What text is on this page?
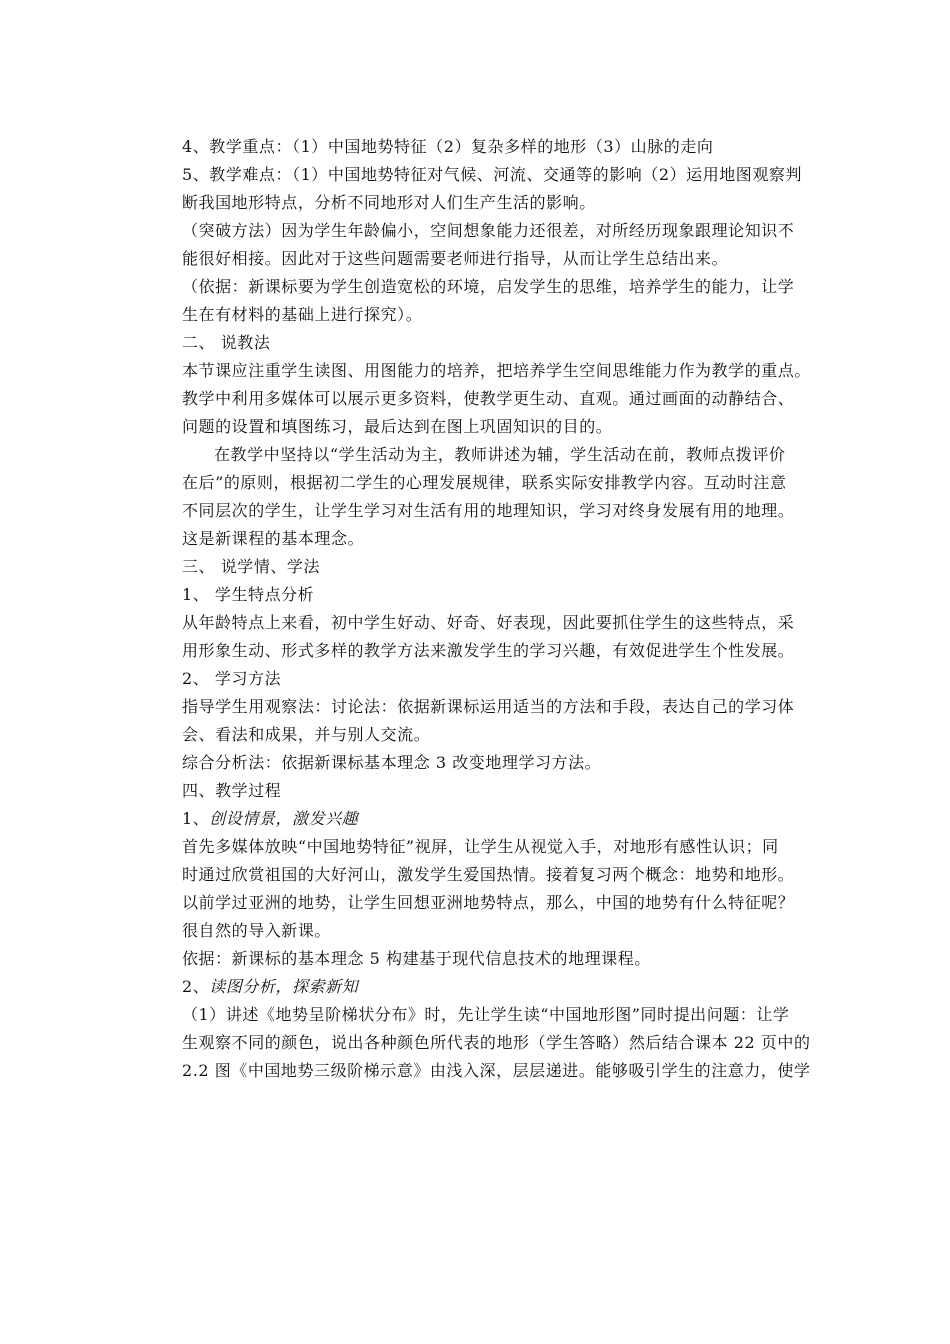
4、教学重点：（1）中国地势特征（2）复杂多样的地形（3）山脉的走向
5、教学难点：（1）中国地势特征对气候、河流、交通等的影响（2）运用地图观察判
断我国地形特点，分析不同地形对人们生产生活的影响。
（突破方法）因为学生年龄偏小，空间想象能力还很差，对所经历现象跟理论知识不
能很好相接。因此对于这些问题需要老师进行指导，从而让学生总结出来。
（依据：新课标要为学生创造宽松的环境，启发学生的思维，培养学生的能力，让学
生在有材料的基础上进行探究）。
二、 说教法
本节课应注重学生读图、用图能力的培养，把培养学生空间思维能力作为教学的重点。
教学中利用多媒体可以展示更多资料，使教学更生动、直观。通过画面的动静结合、
问题的设置和填图练习，最后达到在图上巩固知识的目的。
在教学中坚持以“学生活动为主，教师讲述为辅，学生活动在前，教师点拨评价
在后”的原则，根据初二学生的心理发展规律，联系实际安排教学内容。互动时注意
不同层次的学生，让学生学习对生活有用的地理知识，学习对终身发展有用的地理。
这是新课程的基本理念。
三、 说学情、学法
1、 学生特点分析
从年龄特点上来看，初中学生好动、好奇、好表现，因此要抓住学生的这些特点，采
用形象生动、形式多样的教学方法来激发学生的学习兴趣，有效促进学生个性发展。
2、 学习方法
指导学生用观察法：讨论法：依据新课标运用适当的方法和手段，表达自己的学习体
会、看法和成果，并与别人交流。
综合分析法：依据新课标基本理念 3 改变地理学习方法。
四、教学过程
1、创设情景，激发兴趣
首先多媒体放映“中国地势特征”视屏，让学生从视觉入手，对地形有感性认识；同
时通过欣赏祖国的大好河山，激发学生爱国热情。接着复习两个概念：地势和地形。
以前学过亚洲的地势，让学生回想亚洲地势特点，那么，中国的地势有什么特征呢？
很自然的导入新课。
依据：新课标的基本理念 5 构建基于现代信息技术的地理课程。
2、读图分析，探索新知
（1）讲述《地势呈阶梯状分布》时，先让学生读“中国地形图”同时提出问题：让学
生观察不同的颜色，说出各种颜色所代表的地形（学生答略）然后结合课本 22 页中的
2.2 图《中国地势三级阶梯示意》由浅入深，层层递进。能够吸引学生的注意力，使学
